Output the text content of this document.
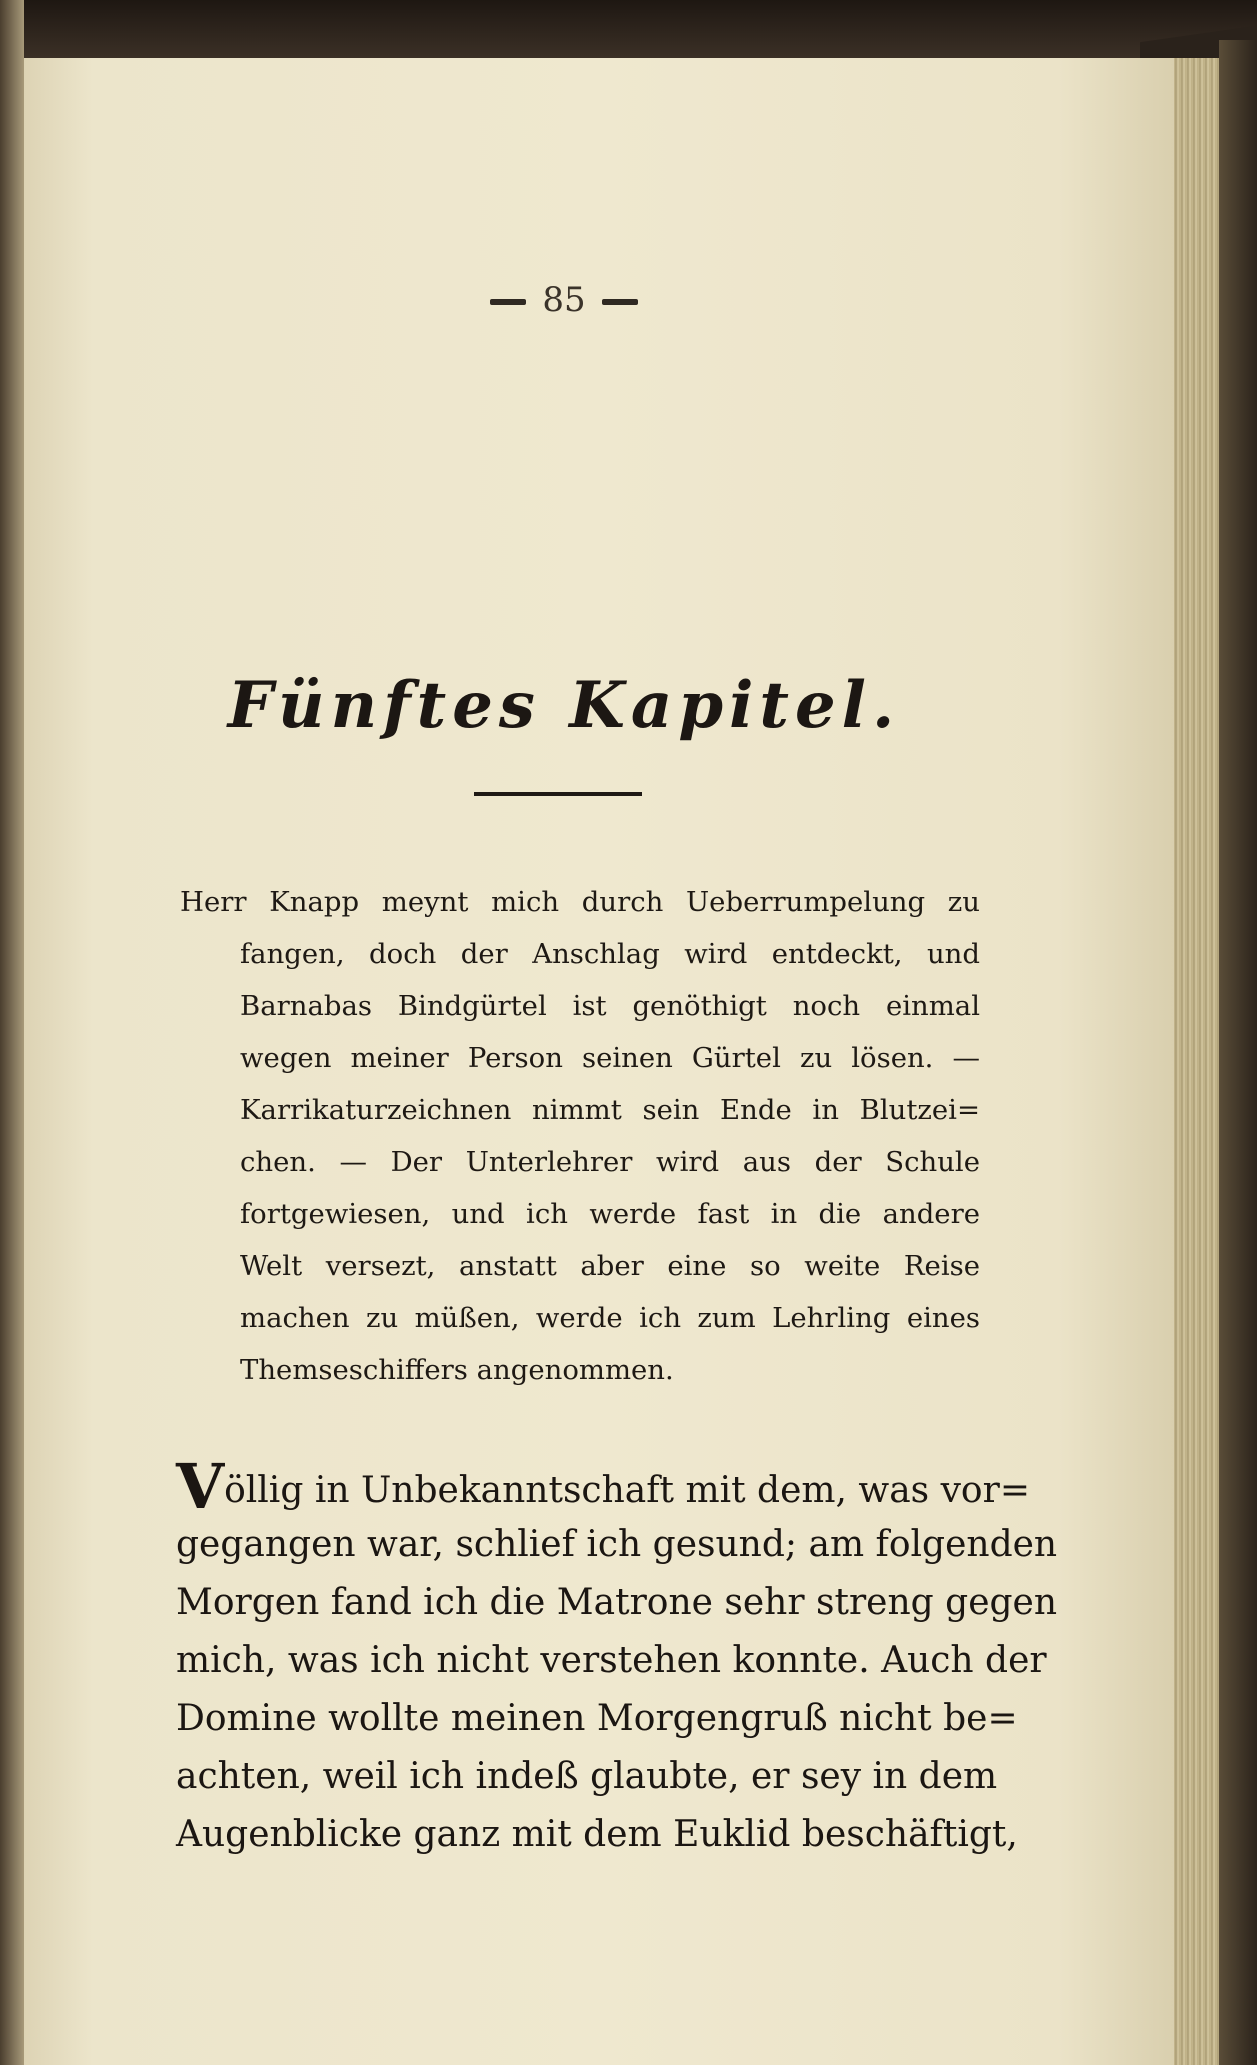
85
Fünftes Kapitel.
Herr Knapp meynt mich durch Ueberrumpelung zu
fangen, doch der Anschlag wird entdeckt, und
Barnabas Bindgürtel ist genöthigt noch einmal
wegen meiner Person seinen Gürtel zu lösen. —
Karrikaturzeichnen nimmt sein Ende in Blutzei=
chen. — Der Unterlehrer wird aus der Schule
fortgewiesen, und ich werde fast in die andere
Welt versezt, anstatt aber eine so weite Reise
machen zu müßen, werde ich zum Lehrling eines
Themseschiffers angenommen.
Völlig in Unbekanntschaft mit dem, was vor=
gegangen war, schlief ich gesund; am folgenden
Morgen fand ich die Matrone sehr streng gegen
mich, was ich nicht verstehen konnte. Auch der
Domine wollte meinen Morgengruß nicht be=
achten, weil ich indeß glaubte, er sey in dem
Augenblicke ganz mit dem Euklid beschäftigt,
